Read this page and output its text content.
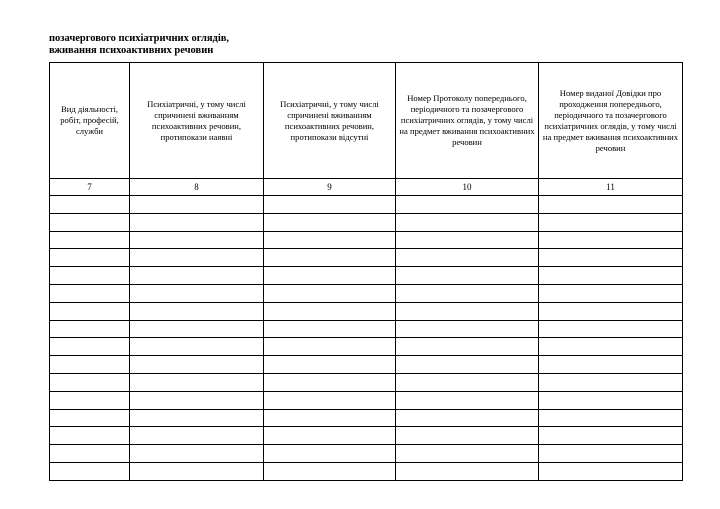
позачергового психіатричних оглядів,
вживання психоактивних речовин
Вид діяльності, робіт, професій, служби	Психіатричні, у тому числі спричинені вживанням психоактивних речовин, протипокази наявні	Психіатричні, у тому числі спричинені вживанням психоактивних речовин, протипокази відсутні	Номер Протоколу попереднього, періодичного та позачергового психіатричних оглядів, у тому числі на предмет вживання психоактивних речовин	Номер виданої Довідки про проходження попереднього, періодичного та позачергового психіатричних оглядів, у тому числі на предмет вживання психоактивних речовин
7	8	9	10	11
